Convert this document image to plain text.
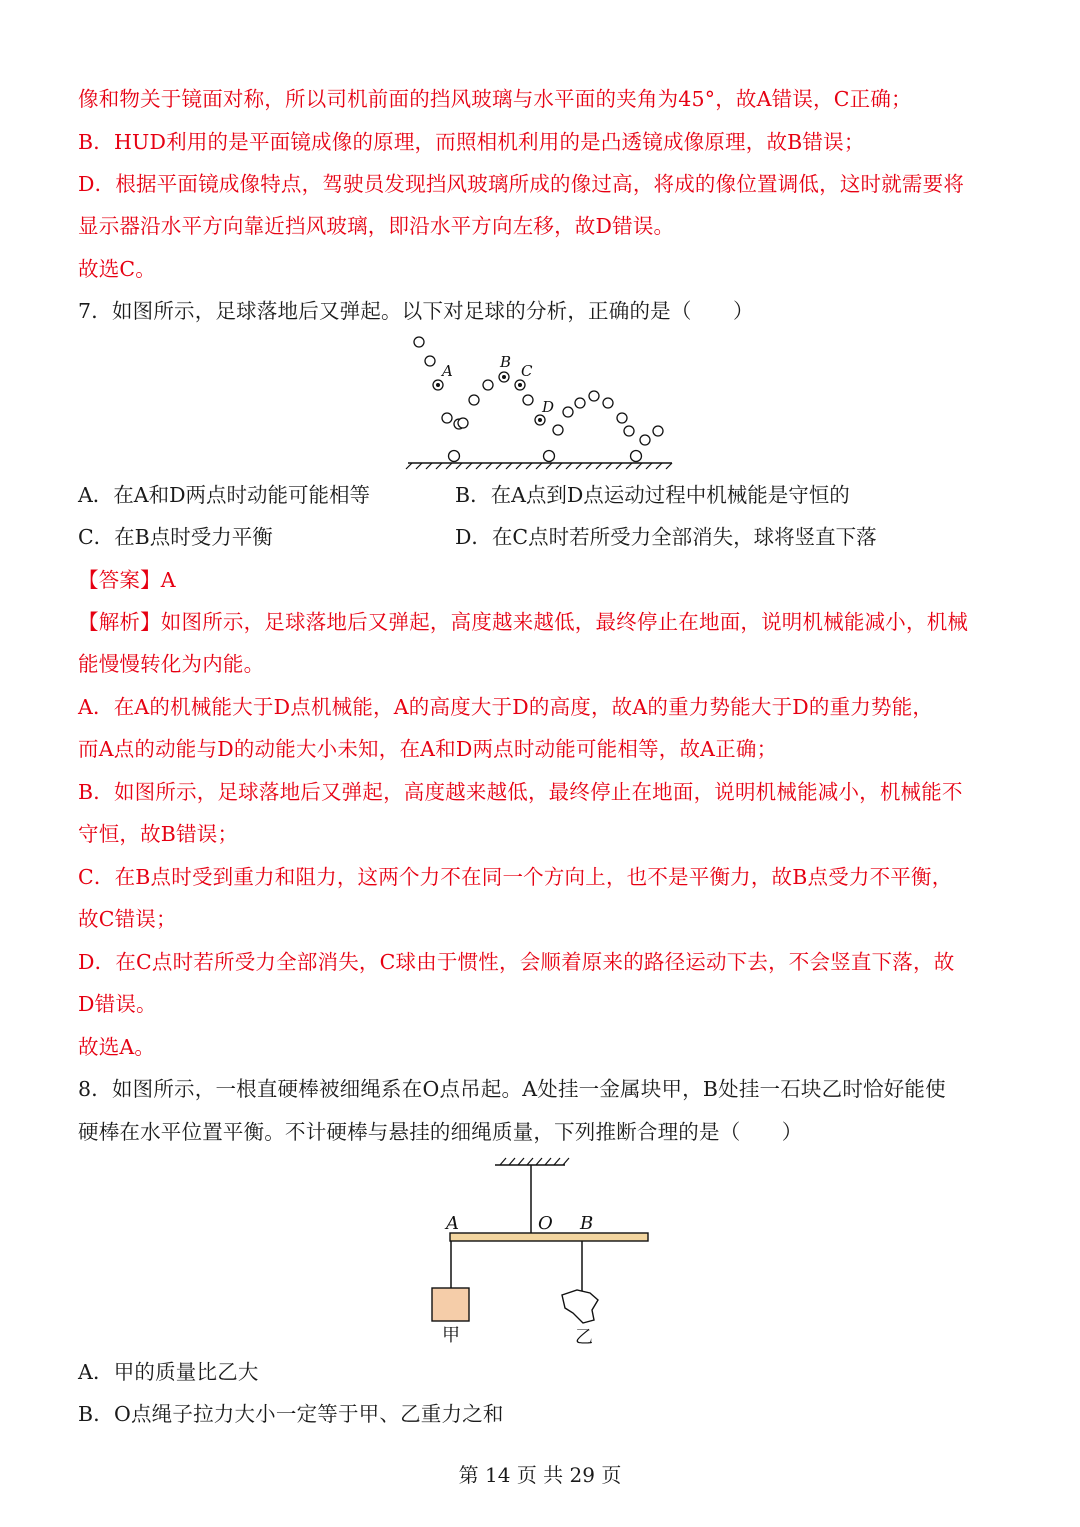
像和物关于镜面对称，所以司机前面的挡风玻璃与水平面的夹角为45°，故A错误，C正确；
B．HUD利用的是平面镜成像的原理，而照相机利用的是凸透镜成像原理，故B错误；
D．根据平面镜成像特点，驾驶员发现挡风玻璃所成的像过高，将成的像位置调低，这时就需要将
显示器沿水平方向靠近挡风玻璃，即沿水平方向左移，故D错误。
故选C。
7．如图所示，足球落地后又弹起。以下对足球的分析，正确的是（　　）
A	B C
D
A．在A和D两点时动能可能相等	B．在A点到D点运动过程中机械能是守恒的
C．在B点时受力平衡	D．在C点时若所受力全部消失，球将竖直下落
【答案】A
【解析】如图所示，足球落地后又弹起，高度越来越低，最终停止在地面，说明机械能减小，机械
能慢慢转化为内能。
A．在A的机械能大于D点机械能，A的高度大于D的高度，故A的重力势能大于D的重力势能，
而A点的动能与D的动能大小未知，在A和D两点时动能可能相等，故A正确；
B．如图所示，足球落地后又弹起，高度越来越低，最终停止在地面，说明机械能减小，机械能不
守恒，故B错误；
C．在B点时受到重力和阻力，这两个力不在同一个方向上，也不是平衡力，故B点受力不平衡，
故C错误；
D．在C点时若所受力全部消失，C球由于惯性，会顺着原来的路径运动下去，不会竖直下落，故
D错误。
故选A。
8．如图所示，一根直硬棒被细绳系在O点吊起。A处挂一金属块甲，B处挂一石块乙时恰好能使
硬棒在水平位置平衡。不计硬棒与悬挂的细绳质量，下列推断合理的是（　　）
A	O B
甲	乙
A．甲的质量比乙大
B．O点绳子拉力大小一定等于甲、乙重力之和
第 14 页 共 29 页
